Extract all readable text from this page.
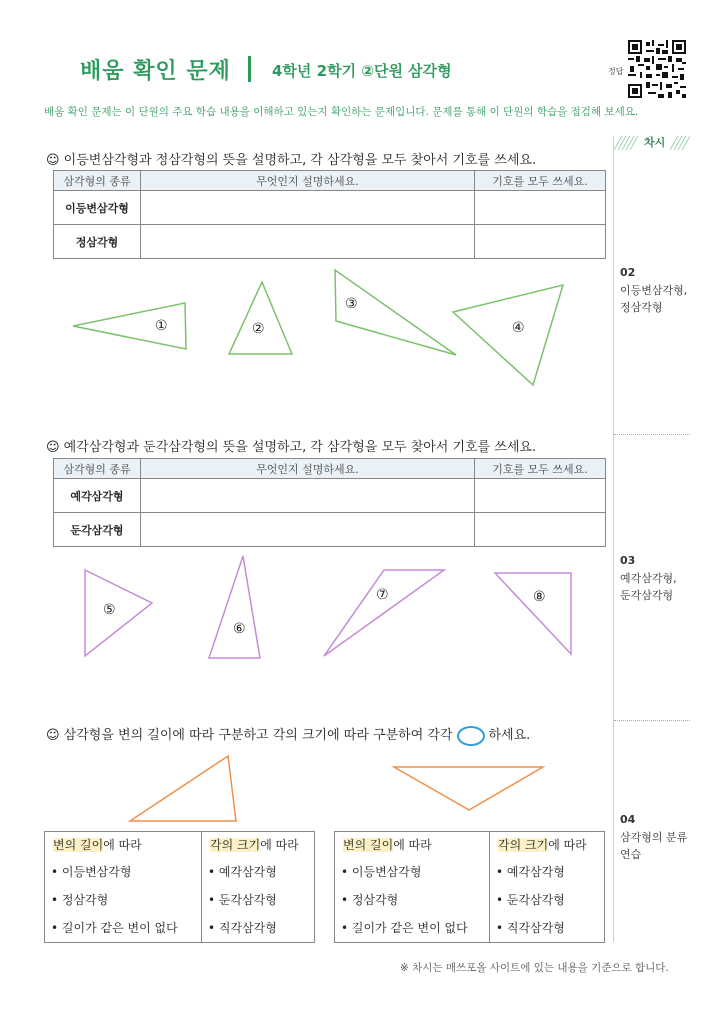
배움 확인 문제	4학년 2학기 ②단원 삼각형	정답
배움 확인 문제는 이 단원의 주요 학습 내용을 이해하고 있는지 확인하는 문제입니다. 문제를 통해 이 단원의 학습을 점검해 보세요.
차시
02
이등변삼각형,
정삼각형
03
예각삼각형,
둔각삼각형
04
삼각형의 분류
연습
☺ 이등변삼각형과 정삼각형의 뜻을 설명하고, 각 삼각형을 모두 찾아서 기호를 쓰세요.
삼각형의 종류	무엇인지 설명하세요.	기호를 모두 쓰세요.
이등변삼각형		
정삼각형		
①	②
③
④
☺ 예각삼각형과 둔각삼각형의 뜻을 설명하고, 각 삼각형을 모두 찾아서 기호를 쓰세요.
삼각형의 종류	무엇인지 설명하세요.	기호를 모두 쓰세요.
예각삼각형		
둔각삼각형		
⑤
⑥
⑦	⑧
☺ 삼각형을 변의 길이에 따라 구분하고 각의 크기에 따라 구분하여 각각 ○ 하세요.
변의 길이에 따라
• 이등변삼각형
• 정삼각형
• 길이가 같은 변이 없다
각의 크기에 따라
• 예각삼각형
• 둔각삼각형
• 직각삼각형
변의 길이에 따라
• 이등변삼각형
• 정삼각형
• 길이가 같은 변이 없다
각의 크기에 따라
• 예각삼각형
• 둔각삼각형
• 직각삼각형
※ 차시는 매쓰포올 사이트에 있는 내용을 기준으로 합니다.
